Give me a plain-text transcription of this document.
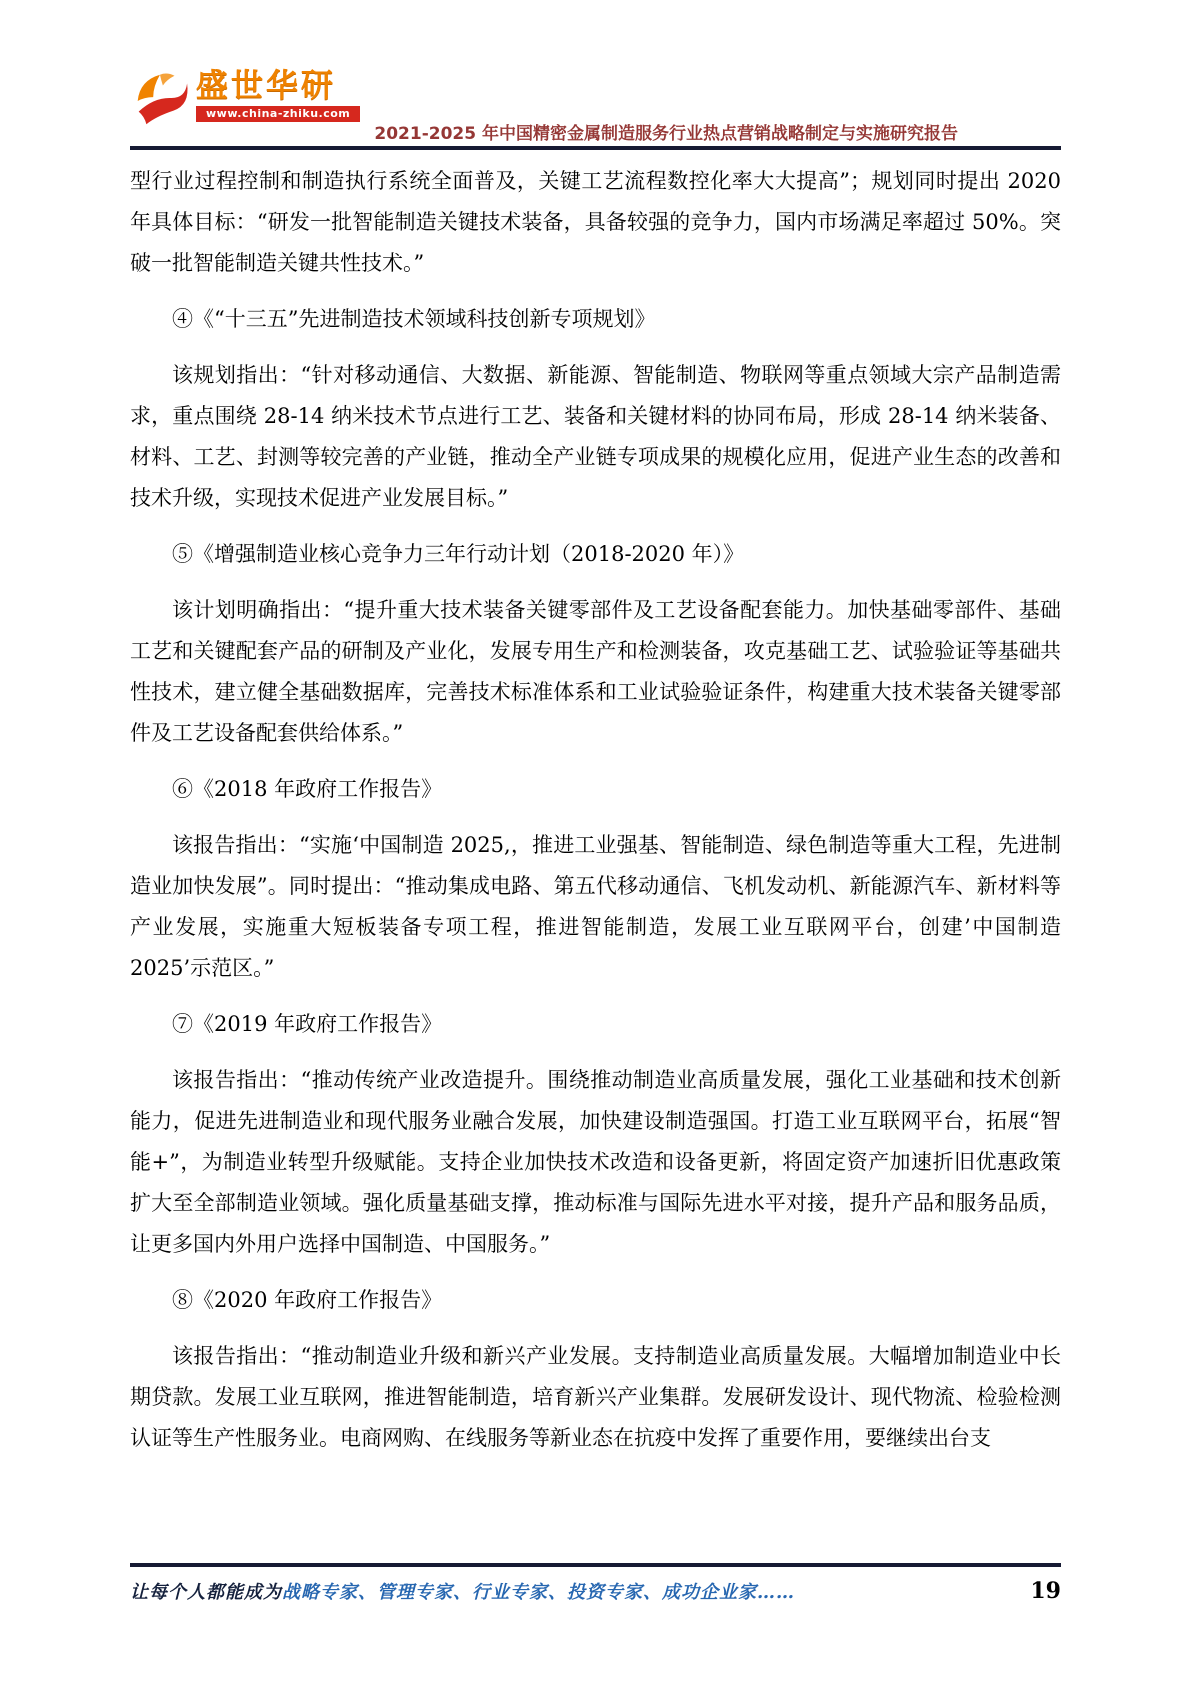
盛世华研
www.china-zhiku.com
2021-2025 年中国精密金属制造服务行业热点营销战略制定与实施研究报告

型行业过程控制和制造执行系统全面普及，关键工艺流程数控化率大大提高”；规划同时提出 2020 年具体目标：“研发一批智能制造关键技术装备，具备较强的竞争力，国内市场满足率超过 50%。突破一批智能制造关键共性技术。”

④《“十三五”先进制造技术领域科技创新专项规划》

该规划指出：“针对移动通信、大数据、新能源、智能制造、物联网等重点领域大宗产品制造需求，重点围绕 28-14 纳米技术节点进行工艺、装备和关键材料的协同布局，形成 28-14 纳米装备、材料、工艺、封测等较完善的产业链，推动全产业链专项成果的规模化应用，促进产业生态的改善和技术升级，实现技术促进产业发展目标。”

⑤《增强制造业核心竞争力三年行动计划（2018-2020 年）》

该计划明确指出：“提升重大技术装备关键零部件及工艺设备配套能力。加快基础零部件、基础工艺和关键配套产品的研制及产业化，发展专用生产和检测装备，攻克基础工艺、试验验证等基础共性技术，建立健全基础数据库，完善技术标准体系和工业试验验证条件，构建重大技术装备关键零部件及工艺设备配套供给体系。”

⑥《2018 年政府工作报告》

该报告指出：“实施‘中国制造 2025,，推进工业强基、智能制造、绿色制造等重大工程，先进制造业加快发展”。同时提出：“推动集成电路、第五代移动通信、飞机发动机、新能源汽车、新材料等产业发展，实施重大短板装备专项工程，推进智能制造，发展工业互联网平台，创建’中国制造 2025’示范区。”

⑦《2019 年政府工作报告》

该报告指出：“推动传统产业改造提升。围绕推动制造业高质量发展，强化工业基础和技术创新能力，促进先进制造业和现代服务业融合发展，加快建设制造强国。打造工业互联网平台，拓展“智能+”，为制造业转型升级赋能。支持企业加快技术改造和设备更新，将固定资产加速折旧优惠政策扩大至全部制造业领域。强化质量基础支撑，推动标准与国际先进水平对接，提升产品和服务品质，让更多国内外用户选择中国制造、中国服务。”

⑧《2020 年政府工作报告》

该报告指出：“推动制造业升级和新兴产业发展。支持制造业高质量发展。大幅增加制造业中长期贷款。发展工业互联网，推进智能制造，培育新兴产业集群。发展研发设计、现代物流、检验检测认证等生产性服务业。电商网购、在线服务等新业态在抗疫中发挥了重要作用，要继续出台支

让每个人都能成为战略专家、管理专家、行业专家、投资专家、成功企业家……	19
